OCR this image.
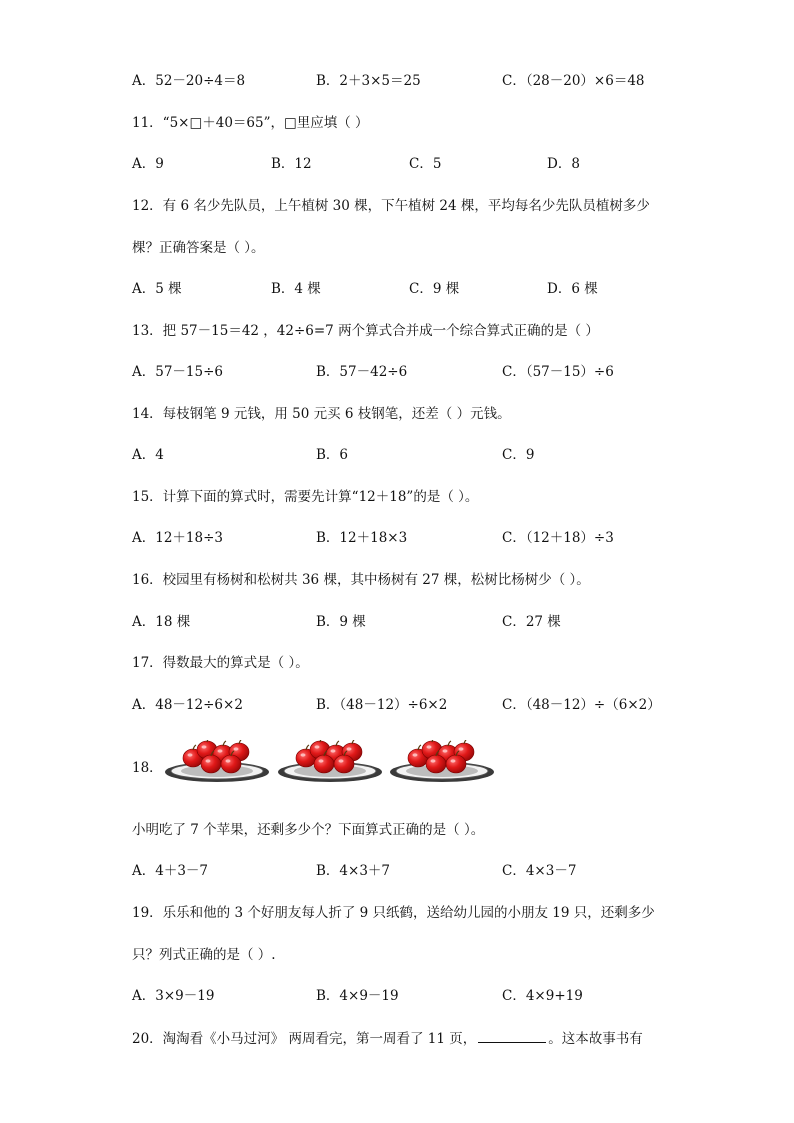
A．52－20÷4＝8	B．2＋3×5＝25	C．（28－20）×6＝48
11．“5×□＋40＝65”，□里应填（ ）
A．9	B．12	C．5	D．8
12．有 6 名少先队员，上午植树 30 棵，下午植树 24 棵，平均每名少先队员植树多少
棵？正确答案是（ ）。
A．5 棵	B．4 棵	C．9 棵	D．6 棵
13．把 57－15＝42 ，42÷6=7 两个算式合并成一个综合算式正确的是（ ）
A．57－15÷6	B．57－42÷6	C．（57－15）÷6
14．每枝钢笔 9 元钱，用 50 元买 6 枝钢笔，还差（ ）元钱。
A．4	B．6	C．9
15．计算下面的算式时，需要先计算“12＋18”的是（ ）。
A．12＋18÷3	B．12＋18×3	C．（12＋18）÷3
16．校园里有杨树和松树共 36 棵，其中杨树有 27 棵，松树比杨树少（ ）。
A．18 棵	B．9 棵	C．27 棵
17．得数最大的算式是（ ）。
A．48－12÷6×2	B．（48－12）÷6×2	C．（48－12）÷（6×2）
18．
小明吃了 7 个苹果，还剩多少个？下面算式正确的是（ ）。
A．4＋3－7	B．4×3＋7	C．4×3－7
19．乐乐和他的 3 个好朋友每人折了 9 只纸鹤，送给幼儿园的小朋友 19 只，还剩多少
只？列式正确的是（ ）.
A．3×9－19	B．4×9－19	C．4×9+19
20．淘淘看《小马过河》 两周看完，第一周看了 11 页，	。这本故事书有
